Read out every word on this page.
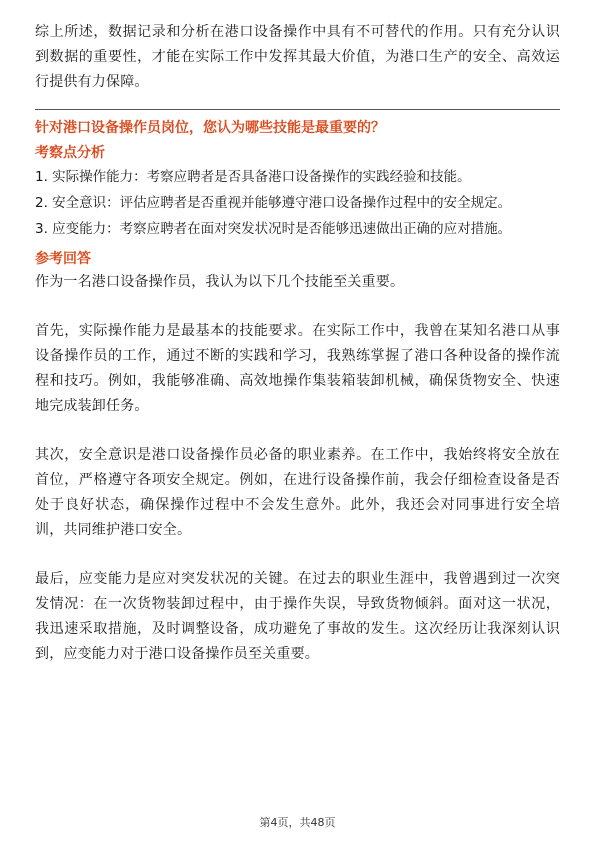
综上所述，数据记录和分析在港口设备操作中具有不可替代的作用。只有充分认识到数据的重要性，才能在实际工作中发挥其最大价值，为港口生产的安全、高效运行提供有力保障。

针对港口设备操作员岗位，您认为哪些技能是最重要的？
考察点分析
1. 实际操作能力：考察应聘者是否具备港口设备操作的实践经验和技能。
2. 安全意识：评估应聘者是否重视并能够遵守港口设备操作过程中的安全规定。
3. 应变能力：考察应聘者在面对突发状况时是否能够迅速做出正确的应对措施。
参考回答

作为一名港口设备操作员，我认为以下几个技能至关重要。

首先，实际操作能力是最基本的技能要求。在实际工作中，我曾在某知名港口从事设备操作员的工作，通过不断的实践和学习，我熟练掌握了港口各种设备的操作流程和技巧。例如，我能够准确、高效地操作集装箱装卸机械，确保货物安全、快速地完成装卸任务。

其次，安全意识是港口设备操作员必备的职业素养。在工作中，我始终将安全放在首位，严格遵守各项安全规定。例如，在进行设备操作前，我会仔细检查设备是否处于良好状态，确保操作过程中不会发生意外。此外，我还会对同事进行安全培训，共同维护港口安全。

最后，应变能力是应对突发状况的关键。在过去的职业生涯中，我曾遇到过一次突发情况：在一次货物装卸过程中，由于操作失误，导致货物倾斜。面对这一状况，我迅速采取措施，及时调整设备，成功避免了事故的发生。这次经历让我深刻认识到，应变能力对于港口设备操作员至关重要。

第4页，共48页
